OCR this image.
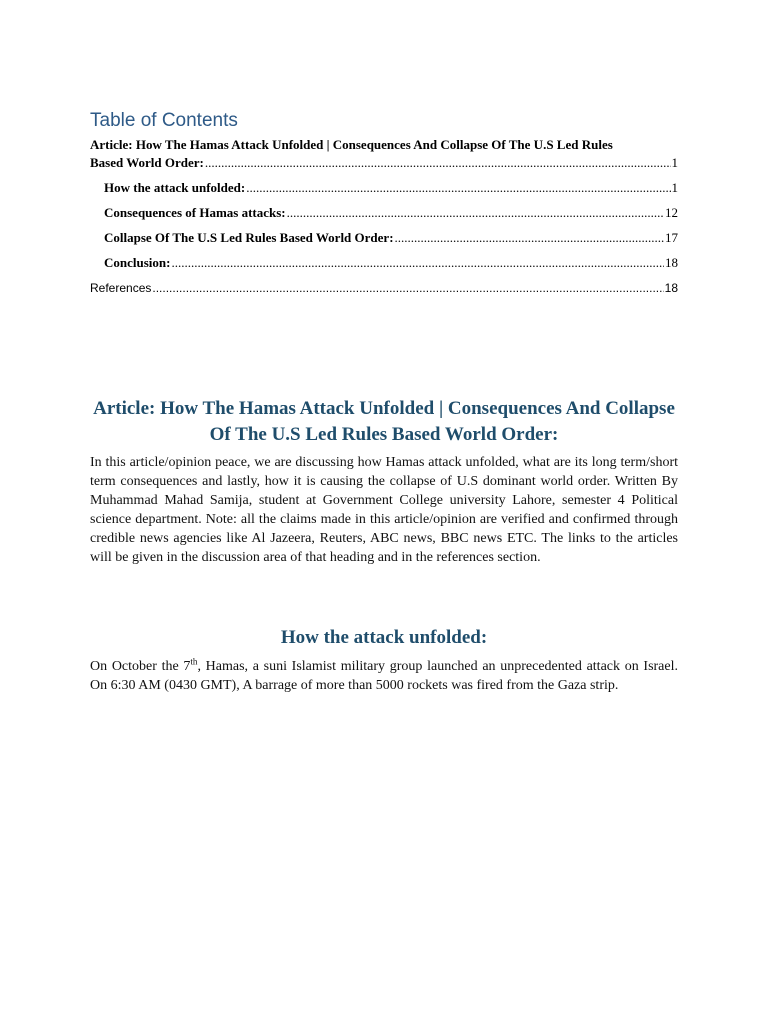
Table of Contents
Article: How The Hamas Attack Unfolded | Consequences And Collapse Of The U.S Led Rules
Based World Order: .....	1
How the attack unfolded: .....	1
Consequences of Hamas attacks: .....	12
Collapse Of The U.S Led Rules Based World Order: .....	17
Conclusion: .....	18
References .....	18
Article: How The Hamas Attack Unfolded | Consequences And Collapse Of The U.S Led Rules Based World Order:
In this article/opinion peace, we are discussing how Hamas attack unfolded, what are its long term/short term consequences and lastly, how it is causing the collapse of U.S dominant world order. Written By Muhammad Mahad Samija, student at Government College university Lahore, semester 4 Political science department. Note: all the claims made in this article/opinion are verified and confirmed through credible news agencies like Al Jazeera, Reuters, ABC news, BBC news ETC. The links to the articles will be given in the discussion area of that heading and in the references section.
How the attack unfolded:
On October the 7th, Hamas, a suni Islamist military group launched an unprecedented attack on Israel. On 6:30 AM (0430 GMT), A barrage of more than 5000 rockets was fired from the Gaza strip.
